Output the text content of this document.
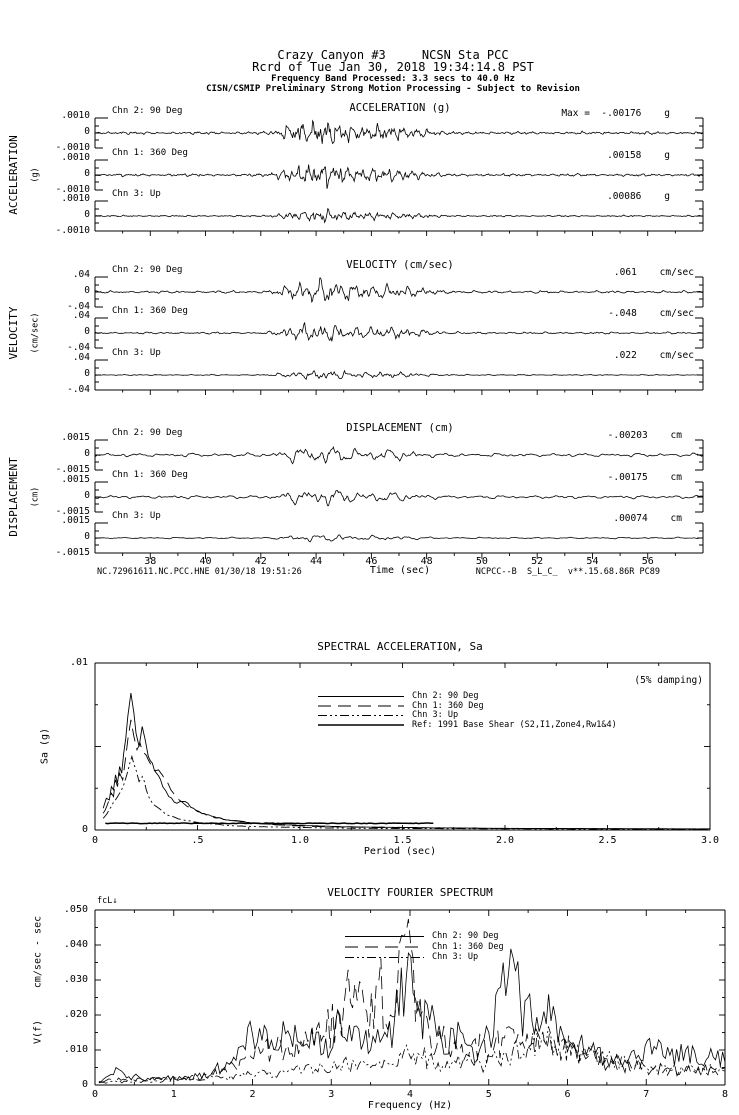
Crazy Canyon #3     NCSN Sta PCC
Rcrd of Tue Jan 30, 2018 19:34:14.8 PST
Frequency Band Processed: 3.3 secs to 40.0 Hz
CISN/CSMIP Preliminary Strong Motion Processing - Subject to Revision
Time (sec)
NC.72961611.NC.PCC.HNE 01/30/18 19:51:26	NCPCC--B  S_L_C_  v**.15.68.86R PC89
SPECTRAL ACCELERATION, Sa
(5% damping)
Period (sec)
Sa (g)
VELOCITY FOURIER SPECTRUM
fcL↓
Frequency (Hz)
cm/sec - sec
V(f)
ACCELERATION (g)
ACCELERATION (g)
.0010
0
-.0010
Chn 2: 90 Deg	Max =  -.00176    g
.0010
0
-.0010
Chn 1: 360 Deg	.00158    g
.0010
0
-.0010
Chn 3: Up	.00086    g
VELOCITY (cm/sec)
VELOCITY (cm/sec)
.04
0
-.04
Chn 2: 90 Deg	.061    cm/sec
.04
0
-.04
Chn 1: 360 Deg	-.048    cm/sec
.04
0
-.04
Chn 3: Up	.022    cm/sec
DISPLACEMENT (cm)
DISPLACEMENT (cm)
.0015
0
-.0015
Chn 2: 90 Deg	-.00203    cm
.0015
0
-.0015
Chn 1: 360 Deg	-.00175    cm
.0015
0
-.0015
Chn 3: Up	.00074    cm
38	40	42	44	46	48	50	52	54	56
.01
0
0	.5	1.0	1.5	2.0	2.5	3.0
Chn 2: 90 Deg
Chn 1: 360 Deg
Chn 3: Up
Ref: 1991 Base Shear (S2,I1,Zone4,Rw1&4)
0
.010
.020
.030
.040
.050
0	1	2	3	4	5	6	7	8
Chn 2: 90 Deg
Chn 1: 360 Deg
Chn 3: Up
